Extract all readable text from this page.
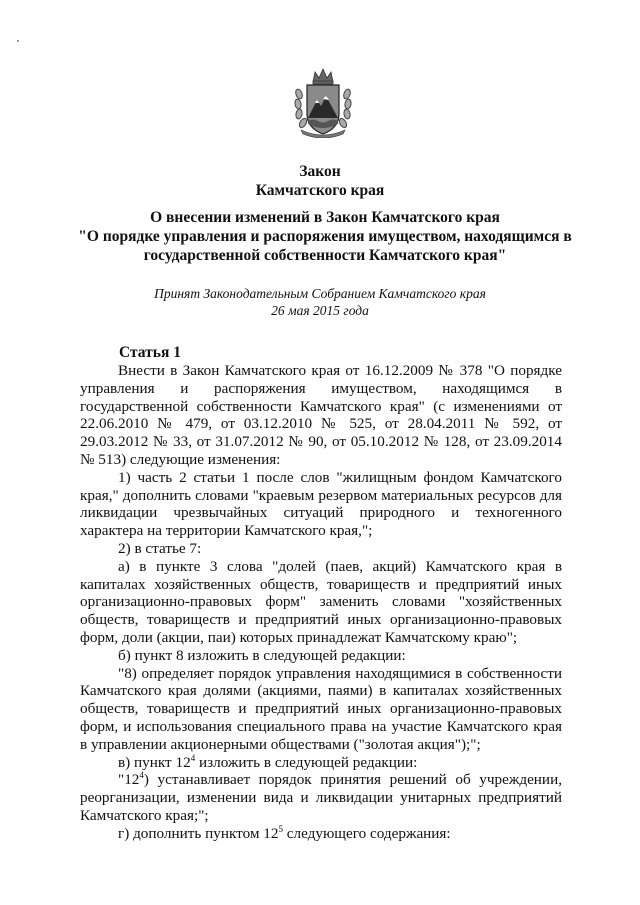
Закон
Камчатского края
О внесении изменений в Закон Камчатского края
"О порядке управления и распоряжения имуществом, находящимся в
государственной собственности Камчатского края"
Принят Законодательным Собранием Камчатского края
26 мая 2015 года
Статья 1

Внести в Закон Камчатского края от 16.12.2009 № 378 "О порядке управления и распоряжения имуществом, находящимся в государственной собственности Камчатского края" (с изменениями от 22.06.2010 № 479, от 03.12.2010 № 525, от 28.04.2011 № 592, от 29.03.2012 № 33, от 31.07.2012 № 90, от 05.10.2012 № 128, от 23.09.2014 № 513) следующие изменения:

1) часть 2 статьи 1 после слов "жилищным фондом Камчатского края," дополнить словами "краевым резервом материальных ресурсов для ликвидации чрезвычайных ситуаций природного и техногенного характера на территории Камчатского края,";

2) в статье 7:

а) в пункте 3 слова "долей (паев, акций) Камчатского края в капиталах хозяйственных обществ, товариществ и предприятий иных организационно-правовых форм" заменить словами "хозяйственных обществ, товариществ и предприятий иных организационно-правовых форм, доли (акции, паи) которых принадлежат Камчатскому краю";

б) пункт 8 изложить в следующей редакции:

"8) определяет порядок управления находящимися в собственности Камчатского края долями (акциями, паями) в капиталах хозяйственных обществ, товариществ и предприятий иных организационно-правовых форм, и использования специального права на участие Камчатского края в управлении акционерными обществами ("золотая акция");";

в) пункт $12^4$ изложить в следующей редакции:

"$12^4$) устанавливает порядок принятия решений об учреждении, реорганизации, изменении вида и ликвидации унитарных предприятий Камчатского края;";

г) дополнить пунктом $12^5$ следующего содержания:
